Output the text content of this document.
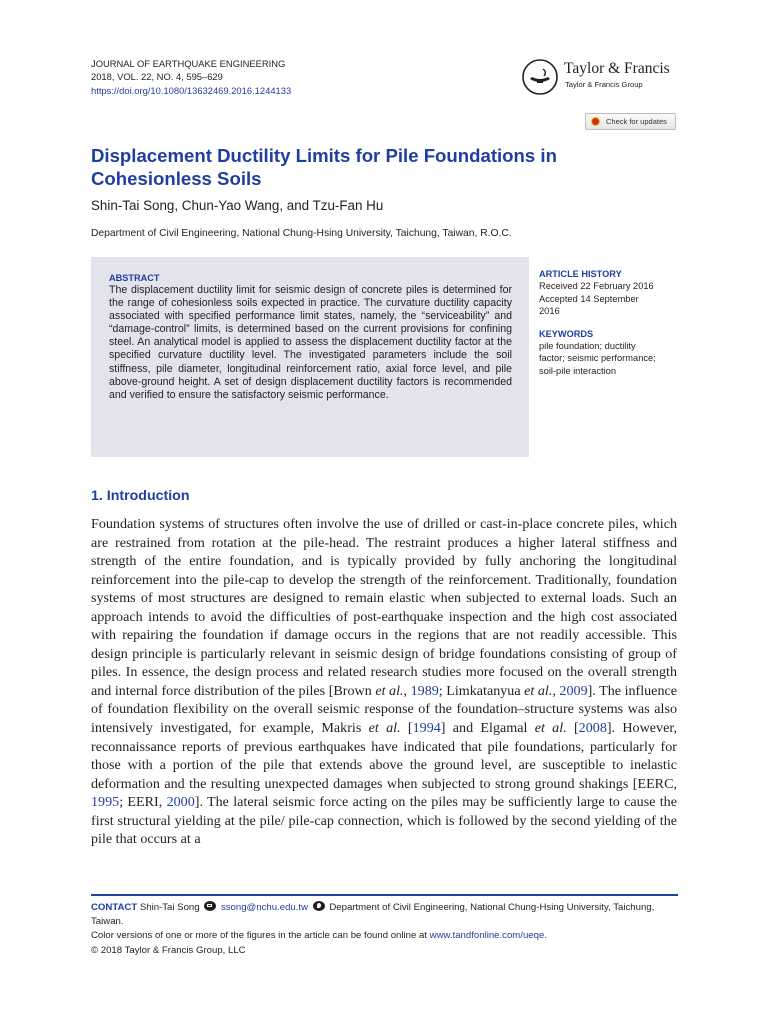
JOURNAL OF EARTHQUAKE ENGINEERING
2018, VOL. 22, NO. 4, 595–629
https://doi.org/10.1080/13632469.2016.1244133
Taylor & Francis
Taylor & Francis Group
Check for updates
Displacement Ductility Limits for Pile Foundations in Cohesionless Soils
Shin-Tai Song, Chun-Yao Wang, and Tzu-Fan Hu
Department of Civil Engineering, National Chung-Hsing University, Taichung, Taiwan, R.O.C.
ABSTRACT
The displacement ductility limit for seismic design of concrete piles is determined for the range of cohesionless soils expected in practice. The curvature ductility capacity associated with specified performance limit states, namely, the “serviceability” and “damage-control” limits, is determined based on the current provisions for confining steel. An analytical model is applied to assess the displacement ductility factor at the specified curvature ductility level. The investigated parameters include the soil stiffness, pile diameter, longitudinal reinforcement ratio, axial force level, and pile above-ground height. A set of design displacement ductility factors is recommended and verified to ensure the satisfactory seismic performance.
ARTICLE HISTORY
Received 22 February 2016
Accepted 14 September
2016
KEYWORDS
pile foundation; ductility
factor; seismic performance;
soil-pile interaction
1. Introduction

Foundation systems of structures often involve the use of drilled or cast-in-place concrete piles, which are restrained from rotation at the pile-head. The restraint produces a higher lateral stiffness and strength of the entire foundation, and is typically provided by fully anchoring the longitudinal reinforcement into the pile-cap to develop the strength of the reinforcement. Traditionally, foundation systems of most structures are designed to remain elastic when subjected to external loads. Such an approach intends to avoid the difficulties of post-earthquake inspection and the high cost associated with repairing the foundation if damage occurs in the regions that are not readily accessible. This design principle is particularly relevant in seismic design of bridge foundations consisting of group of piles. In essence, the design process and related research studies more focused on the overall strength and internal force distribution of the piles [Brown et al., 1989; Limkatanyua et al., 2009]. The influence of foundation flexibility on the overall seismic response of the foundation–structure systems was also intensively investigated, for example, Makris et al. [1994] and Elgamal et al. [2008]. However, reconnaissance reports of previous earthquakes have indicated that pile foundations, particularly for those with a portion of the pile that extends above the ground level, are susceptible to inelastic deformation and the resulting unexpected damages when subjected to strong ground shakings [EERC, 1995; EERI, 2000]. The lateral seismic force acting on the piles may be sufficiently large to cause the first structural yielding at the pile/ pile-cap connection, which is followed by the second yielding of the pile that occurs at a

CONTACT Shin-Tai Song ssong@nchu.edu.tw Department of Civil Engineering, National Chung-Hsing University, Taichung, Taiwan.
Color versions of one or more of the figures in the article can be found online at www.tandfonline.com/ueqe.
© 2018 Taylor & Francis Group, LLC
